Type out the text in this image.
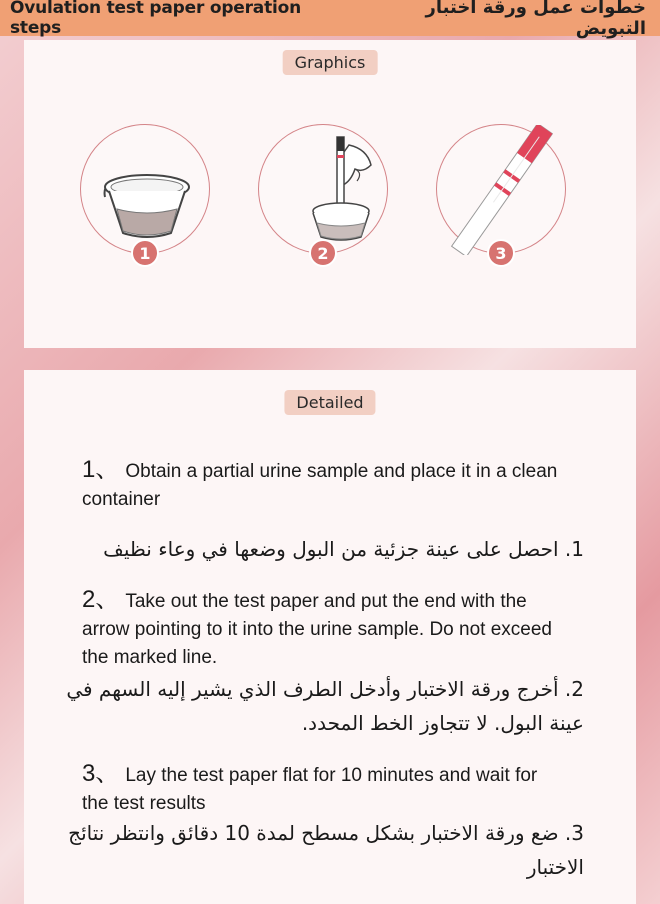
Ovulation test paper operation steps
خطوات عمل ورقة اختبار التبويض
Graphics
1	2	3
Detailed
1、 Obtain a partial urine sample and place it in a clean container
1. احصل على عينة جزئية من البول وضعها في وعاء نظيف
2、 Take out the test paper and put the end with the arrow pointing to it into the urine sample. Do not exceed the marked line.
2. أخرج ورقة الاختبار وأدخل الطرف الذي يشير إليه السهم في عينة البول. لا تتجاوز الخط المحدد.
3、 Lay the test paper flat for 10 minutes and wait for the test results
3. ضع ورقة الاختبار بشكل مسطح لمدة 10 دقائق وانتظر نتائج الاختبار
